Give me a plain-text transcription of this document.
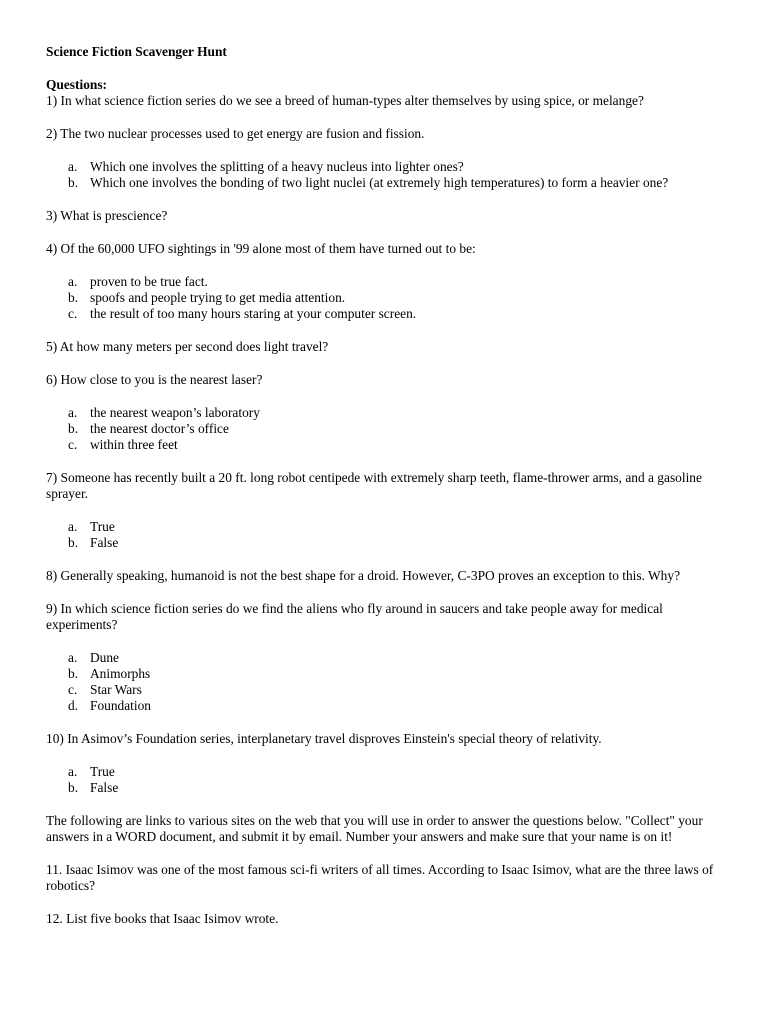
Science Fiction Scavenger Hunt

Questions:

1) In what science fiction series do we see a breed of human-types alter themselves by using spice, or melange?

2) The two nuclear processes used to get energy are fusion and fission.

a. Which one involves the splitting of a heavy nucleus into lighter ones?
b. Which one involves the bonding of two light nuclei (at extremely high temperatures) to form a heavier one?

3) What is prescience?

4) Of the 60,000 UFO sightings in '99 alone most of them have turned out to be:

a. proven to be true fact.
b. spoofs and people trying to get media attention.
c. the result of too many hours staring at your computer screen.

5) At how many meters per second does light travel?

6) How close to you is the nearest laser?

a. the nearest weapon’s laboratory
b. the nearest doctor’s office
c. within three feet

7) Someone has recently built a 20 ft. long robot centipede with extremely sharp teeth, flame-thrower arms, and a gasoline sprayer.

a. True
b. False

8) Generally speaking, humanoid is not the best shape for a droid. However, C-3PO proves an exception to this. Why?

9) In which science fiction series do we find the aliens who fly around in saucers and take people away for medical experiments?

a. Dune
b. Animorphs
c. Star Wars
d. Foundation

10) In Asimov’s Foundation series, interplanetary travel disproves Einstein's special theory of relativity.

a. True
b. False

The following are links to various sites on the web that you will use in order to answer the questions below. "Collect" your answers in a WORD document, and submit it by email. Number your answers and make sure that your name is on it!

11. Isaac Isimov was one of the most famous sci-fi writers of all times. According to Isaac Isimov, what are the three laws of robotics?

12. List five books that Isaac Isimov wrote.
